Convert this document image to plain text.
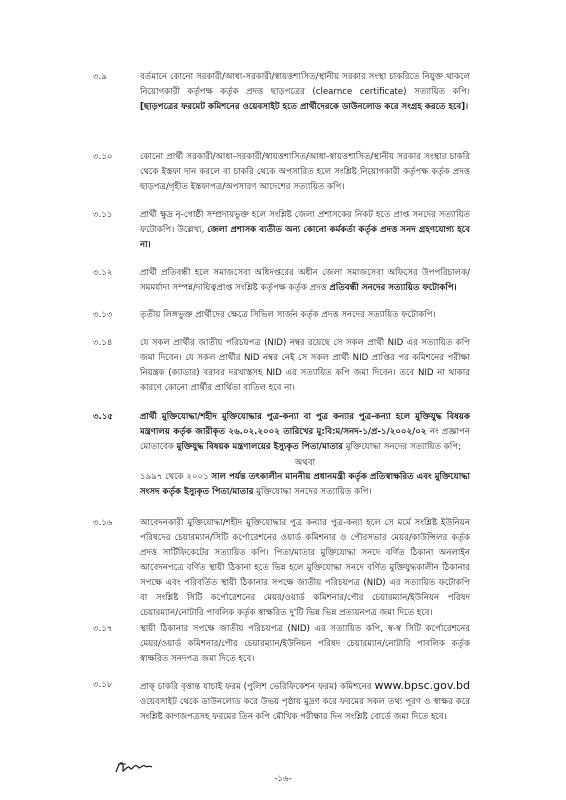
৩.৯	বর্তমানে কোনো সরকারী/আধা-সরকারী/স্বায়ত্তশাসিত/স্থানীয় সরকার সংস্থা চাকরিতে নিযুক্ত থাকলে নিয়োগকারী কর্তৃপক্ষ কর্তৃক প্রদত্ত ছাড়পত্রের (clearnce certificate) সত্যায়িত কপি। [ছাড়পত্রের ফরমেট কমিশনের ওয়েবসাইট হতে প্রার্থীদেরকে ডাউনলোড করে সংগ্রহ করতে হবে]।
৩.১০	কোনো প্রার্থী সরকারী/আধা-সরকারী/স্বায়ত্তশাসিত/আধা-স্বায়ত্তশাসিত/স্থানীয় সরকার সংস্থার চাকরি থেকে ইস্তফা দান করলে বা চাকরি থেকে অপসারিত হলে সংশ্লিষ্ট নিয়োগকারী কর্তৃপক্ষ কর্তৃক প্রদত্ত ছাড়পত্র/গৃহীত ইস্তফাপত্র/অপসারণ আদেশের সত্যায়িত কপি।
৩.১১	প্রার্থী ক্ষুদ্র নৃ-গোষ্ঠী সম্প্রদায়ভুক্ত হলে সংশ্লিষ্ট জেলা প্রশাসকের নিকট হতে প্রাপ্ত সনদের সত্যায়িত ফটোকপি। উল্লেখ্য, জেলা প্রশাসক ব্যতীত অন্য কোনো কর্মকর্তা কর্তৃক প্রদত্ত সনদ গ্রহণযোগ্য হবে না।
৩.১২	প্রার্থী প্রতিবন্ধী হলে সমাজসেবা অধিদপ্তরের অধীন জেলা সমাজসেবা অফিসের উপপরিচালক/ সমমর্যাদা সম্পন্ন/দায়িত্বপ্রাপ্ত সংশ্লিষ্ট কর্তৃপক্ষ কর্তৃক প্রদত্ত প্রতিবন্ধী সনদের সত্যায়িত ফটোকপি।
৩.১৩	তৃতীয় লিঙ্গভুক্ত প্রার্থীদের ক্ষেত্রে সিভিল সার্জন কর্তৃক প্রদত্ত সনদের সত্যায়িত ফটোকপি।
৩.১৪	যে সকল প্রার্থীর জাতীয় পরিচয়পত্র (NID) নম্বর রয়েছে সে সকল প্রার্থী NID এর সত্যায়িত কপি জমা দিবেন। যে সকল প্রার্থীর NID নম্বর নেই সে সকল প্রার্থী NID প্রাপ্তির পর কমিশনের পরীক্ষা নিয়ন্ত্রক (ক্যাডার) বরাবর দরখাস্তসহ NID এর সত্যায়িত কপি জমা দিবেন। তবে NID না থাকার কারণে কোনো প্রার্থীর প্রার্থিতা বাতিল হবে না।
৩.১৫	প্রার্থী মুক্তিযোদ্ধা/শহীদ মুক্তিযোদ্ধার পুত্র-কন্যা বা পুত্র কন্যার পুত্র-কন্যা হলে মুক্তিযুদ্ধ বিষয়ক মন্ত্রণালয় কর্তৃক জারীকৃত ২৬.০২.২০০২ তারিখের মু:বি:ম/সনদ-১/প্র-১/২০০২/০২ নং প্রজ্ঞাপন মোতাবেক মুক্তিযুদ্ধ বিষয়ক মন্ত্রণালয়ের ইস্যুকৃত পিতা/মাতার মুক্তিযোদ্ধা সনদের সত্যায়িত কপি;
অথবা
১৯৯৭ থেকে ২০০১ সাল পর্যন্ত তৎকালীন মাননীয় প্রধানমন্ত্রী কর্তৃক প্রতিস্বাক্ষরিত এবং মুক্তিযোদ্ধা সংসদ কর্তৃক ইস্যুকৃত পিতা/মাতার মুক্তিযোদ্ধা সনদের সত্যায়িত কপি।
৩.১৬	আবেদনকারী মুক্তিযোদ্ধা/শহীদ মুক্তিযোদ্ধার পুত্র কন্যার পুত্র-কন্যা হলে সে মর্মে সংশ্লিষ্ট ইউনিয়ন পরিষদের চেয়ারম্যান/সিটি কর্পোরেশনের ওয়ার্ড কমিশনার ও পৌরসভার মেয়র/কাউন্সিলর কর্তৃক প্রদত্ত সার্টিফিকেটের সত্যায়িত কপি। পিতা/মাতার মুক্তিযোদ্ধা সনদে বর্ণিত ঠিকানা অনলাইন আবেদনপত্রে বর্ণিত স্থায়ী ঠিকানা হতে ভিন্ন হলে মুক্তিযোদ্ধা সনদে বর্ণিত মুক্তিযুদ্ধকালীন ঠিকানার সপক্ষে এবং পরিবর্তিত স্থায়ী ঠিকানার সপক্ষে জাতীয় পরিচয়পত্র (NID) এর সত্যায়িত ফটোকপি বা সংশ্লিষ্ট সিটি কর্পোরেশনের মেয়র/ওয়ার্ড কমিশনার/পৌর চেয়ারম্যান/ইউনিয়ন পরিষদ চেয়ারম্যান/নোটারি পাবলিক কর্তৃক স্বাক্ষরিত দু'টি ভিন্ন ভিন্ন প্রত্যয়নপত্র জমা দিতে হবে।
৩.১৭	স্থায়ী ঠিকানার সপক্ষে জাতীয় পরিচয়পত্র (NID) এর সত্যায়িত কপি, স্ব-স্ব সিটি কর্পোরেশনের মেয়র/ওয়ার্ড কমিশনার/পৌর চেয়ারম্যান/ইউনিয়ন পরিষদ চেয়ারম্যান/নোটারি পাবলিক কর্তৃক স্বাক্ষরিত সনদপত্র জমা দিতে হবে।
৩.১৮	প্রাক্ চাকরি বৃত্তান্ত যাচাই ফরম (পুলিশ ভেরিফিকেশন ফরম) কমিশনের www.bpsc.gov.bd ওয়েবসাইট থেকে ডাউনলোড করে উভয় পৃষ্ঠায় মুদ্রণ করে ফরমের সকল তথ্য পূরণ ও স্বাক্ষর করে সংশ্লিষ্ট কাগজপত্রসহ ফরমের তিন কপি মৌখিক পরীক্ষার দিন সংশ্লিষ্ট বোর্ডে জমা দিতে হবে।
-১৬-
